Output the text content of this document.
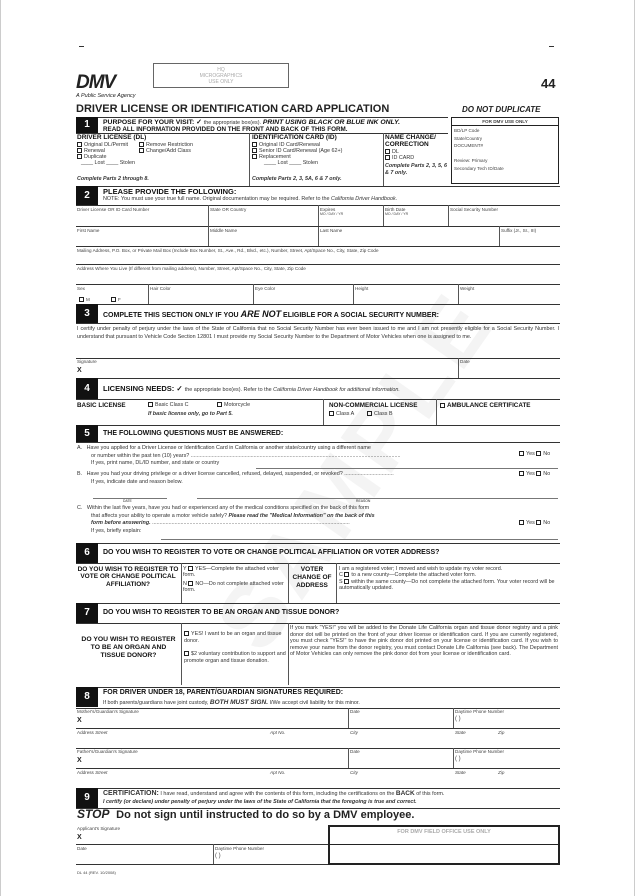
DMV
A Public Service Agency
HQ
MICROGRAPHICS
USE ONLY	44
DRIVER LICENSE OR IDENTIFICATION CARD APPLICATION	DO NOT DUPLICATE
1	PURPOSE FOR YOUR VISIT: ✓ the appropriate box(es). PRINT USING BLACK OR BLUE INK ONLY.
READ ALL INFORMATION PROVIDED ON THE FRONT AND BACK OF THIS FORM.
DRIVER LICENSE (DL)
Original DL/Permit
Renewal
Duplicate
____ Lost ____ Stolen
Remove Restriction
Change/Add Class
Complete Parts 2 through 8.
IDENTIFICATION CARD (ID)
Original ID Card/Renewal
Senior ID Card/Renewal (Age 62+)
Replacement
____ Lost ____ Stolen
Complete Parts 2, 3, 5A, 6 & 7 only.
NAME CHANGE/ CORRECTION
DL
ID CARD
Complete Parts 2, 3, 5, 6 & 7 only.
FOR DMV USE ONLY
BD/LP Code
State/Country
DOCUMENT#

Review: Primary
Secondary Tech ID/Date
2	PLEASE PROVIDE THE FOLLOWING:
NOTE: You must use your true full name. Original documentation may be required. Refer to the California Driver Handbook.
Driver License OR ID Card Number	State OR Country	Expires
MO / DAY / YR
Birth Date
MO / DAY / YR
Social Security Number
First Name	Middle Name	Last Name	Suffix (Jr., Sr., III)
Mailing Address, P.O. Box, or Private Mail Box (Include Box Number, St., Ave., Rd., Blvd., etc.), Number, Street, Apt/Space No., City, State, Zip Code
Address Where You Live (If different from mailing address), Number, Street, Apt/Space No., City, State, Zip Code
Sex
M	F
Hair Color	Eye Color	Height	Weight
3	COMPLETE THIS SECTION ONLY IF YOU ARE NOT ELIGIBLE FOR A SOCIAL SECURITY NUMBER:
I certify under penalty of perjury under the laws of the State of California that no Social Security Number has ever been issued to me and I am not presently eligible for a Social Security Number. I understand that pursuant to Vehicle Code Section 12801 I must provide my Social Security Number to the Department of Motor Vehicles when one is assigned to me.
Signature
X
Date
4	LICENSING NEEDS: ✓ the appropriate box(es). Refer to the California Driver Handbook for additional information.
BASIC LICENSE	Basic Class C	Motorcycle
If basic license only, go to Part 5.
NON-COMMERCIAL LICENSE
Class A	Class B
AMBULANCE CERTIFICATE
5	THE FOLLOWING QUESTIONS MUST BE ANSWERED:
A. Have you applied for a Driver License or Identification Card in California or another state/country using a different name
or number within the past ten (10) years? ............................................................................................................................................
If yes, print name, DL/ID number, and state or country
Yes No
B. Have you had your driving privilege or a driver license cancelled, refused, delayed, suspended, or revoked? .................................
If yes, indicate date and reason below.
Yes No
DATE	REASON
C. Within the last five years, have you had or experienced any of the medical conditions specified on the back of this form
that affects your ability to operate a motor vehicle safely? Please read the "Medical Information" on the back of this
form before answering. ....................................................................................................................................
If yes, briefly explain:
Yes No
6	DO YOU WISH TO REGISTER TO VOTE OR CHANGE POLITICAL AFFILIATION OR VOTER ADDRESS?
DO YOU WISH TO REGISTER TO VOTE OR CHANGE POLITICAL AFFILIATION?
Y YES—Complete the attached voter form.
N NO—Do not complete attached voter form.
VOTER CHANGE OF ADDRESS
I am a registered voter; I moved and wish to update my voter record.
C to a new county—Complete the attached voter form.
S within the same county—Do not complete the attached form. Your voter record will be automatically updated.
7	DO YOU WISH TO REGISTER TO BE AN ORGAN AND TISSUE DONOR?
DO YOU WISH TO REGISTER TO BE AN ORGAN AND TISSUE DONOR?
YES! I want to be an organ and tissue donor.
$2 voluntary contribution to support and promote organ and tissue donation.
If you mark "YES!" you will be added to the Donate Life California organ and tissue donor registry and a pink donor dot will be printed on the front of your driver license or identification card. If you are currently registered, you must check "YES!" to have the pink donor dot printed on your license or identification card. If you wish to remove your name from the donor registry, you must contact Donate Life California (see back). The Department of Motor Vehicles can only remove the pink donor dot from your license or identification card.
8	FOR DRIVER UNDER 18, PARENT/GUARDIAN SIGNATURES REQUIRED:
If both parents/guardians have joint custody, BOTH MUST SIGN. I/We accept civil liability for this minor.
Mother's/Guardian's Signature
X
Date	Daytime Phone Number
( )
Address Street	Apt No.	City	State	Zip
Father's/Guardian's Signature
X
Date	Daytime Phone Number
( )
Address Street	Apt No.	City	State	Zip
9	CERTIFICATION: I have read, understand and agree with the contents of this form, including the certifications on the BACK of this form.
I certify (or declare) under penalty of perjury under the laws of the State of California that the foregoing is true and correct.
STOP Do not sign until instructed to do so by a DMV employee.
Applicant's Signature
X
Date	Daytime Phone Number
( )
FOR DMV FIELD OFFICE USE ONLY
DL 44 (REV. 10/2008)
